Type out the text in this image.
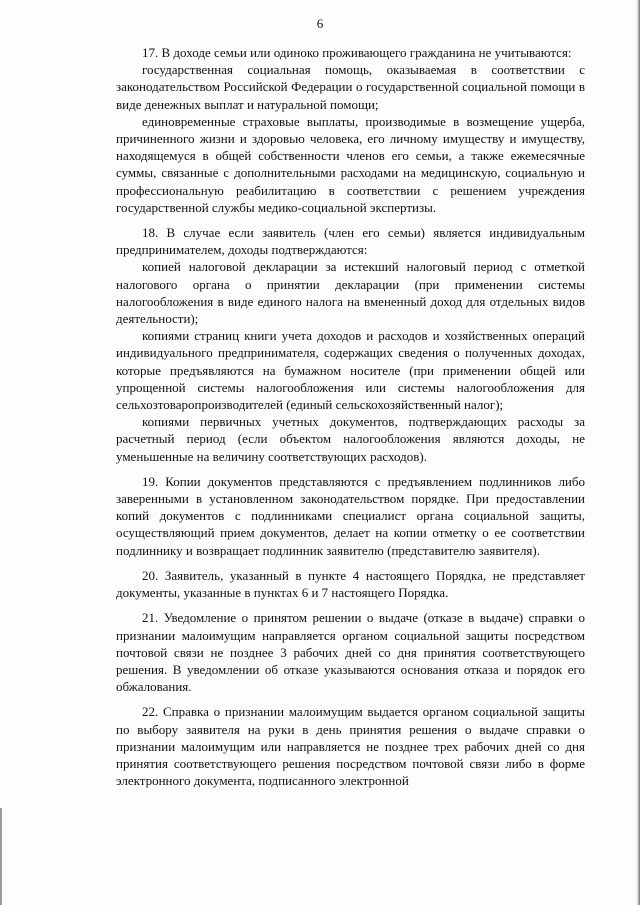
6

17. В доходе семьи или одиноко проживающего гражданина не учитываются:

государственная социальная помощь, оказываемая в соответствии с законодательством Российской Федерации о государственной социальной помощи в виде денежных выплат и натуральной помощи;

единовременные страховые выплаты, производимые в возмещение ущерба, причиненного жизни и здоровью человека, его личному имуществу и имуществу, находящемуся в общей собственности членов его семьи, а также ежемесячные суммы, связанные с дополнительными расходами на медицинскую, социальную и профессиональную реабилитацию в соответствии с решением учреждения государственной службы медико-социальной экспертизы.

18. В случае если заявитель (член его семьи) является индивидуальным предпринимателем, доходы подтверждаются:

копией налоговой декларации за истекший налоговый период с отметкой налогового органа о принятии декларации (при применении системы налогообложения в виде единого налога на вмененный доход для отдельных видов деятельности);

копиями страниц книги учета доходов и расходов и хозяйственных операций индивидуального предпринимателя, содержащих сведения о полученных доходах, которые предъявляются на бумажном носителе (при применении общей или упрощенной системы налогообложения или системы налогообложения для сельхозтоваропроизводителей (единый сельскохозяйственный налог);

копиями первичных учетных документов, подтверждающих расходы за расчетный период (если объектом налогообложения являются доходы, не уменьшенные на величину соответствующих расходов).

19. Копии документов представляются с предъявлением подлинников либо заверенными в установленном законодательством порядке. При предоставлении копий документов с подлинниками специалист органа социальной защиты, осуществляющий прием документов, делает на копии отметку о ее соответствии подлиннику и возвращает подлинник заявителю (представителю заявителя).

20. Заявитель, указанный в пункте 4 настоящего Порядка, не представляет документы, указанные в пунктах 6 и 7 настоящего Порядка.

21. Уведомление о принятом решении о выдаче (отказе в выдаче) справки о признании малоимущим направляется органом социальной защиты посредством почтовой связи не позднее 3 рабочих дней со дня принятия соответствующего решения. В уведомлении об отказе указываются основания отказа и порядок его обжалования.

22. Справка о признании малоимущим выдается органом социальной защиты по выбору заявителя на руки в день принятия решения о выдаче справки о признании малоимущим или направляется не позднее трех рабочих дней со дня принятия соответствующего решения посредством почтовой связи либо в форме электронного документа, подписанного электронной
